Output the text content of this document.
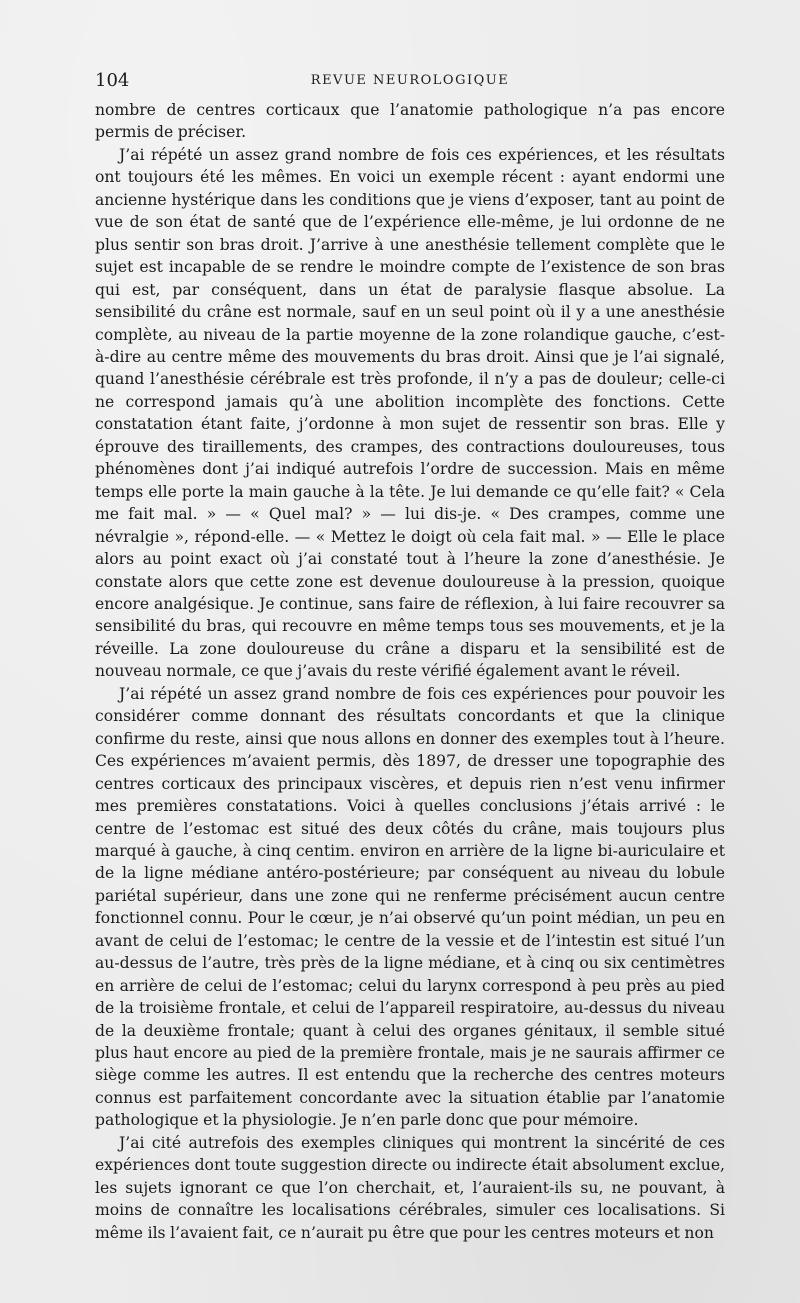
104	REVUE NEUROLOGIQUE

nombre de centres corticaux que l’anatomie pathologique n’a pas encore permis de préciser.

J’ai répété un assez grand nombre de fois ces expériences, et les résultats ont toujours été les mêmes. En voici un exemple récent : ayant endormi une ancienne hystérique dans les conditions que je viens d’exposer, tant au point de vue de son état de santé que de l’expérience elle-même, je lui ordonne de ne plus sentir son bras droit. J’arrive à une anesthésie tellement complète que le sujet est incapable de se rendre le moindre compte de l’existence de son bras qui est, par conséquent, dans un état de paralysie flasque absolue. La sensibilité du crâne est normale, sauf en un seul point où il y a une anesthésie complète, au niveau de la partie moyenne de la zone rolandique gauche, c’est-à-dire au centre même des mouvements du bras droit. Ainsi que je l’ai signalé, quand l’anesthésie cérébrale est très profonde, il n’y a pas de douleur; celle-ci ne correspond jamais qu’à une abolition incomplète des fonctions. Cette constatation étant faite, j’ordonne à mon sujet de ressentir son bras. Elle y éprouve des tiraillements, des crampes, des contractions douloureuses, tous phénomènes dont j’ai indiqué autrefois l’ordre de succession. Mais en même temps elle porte la main gauche à la tête. Je lui demande ce qu’elle fait? « Cela me fait mal. » — « Quel mal? » — lui dis-je. « Des crampes, comme une névralgie », répond-elle. — « Mettez le doigt où cela fait mal. » — Elle le place alors au point exact où j’ai constaté tout à l’heure la zone d’anesthésie. Je constate alors que cette zone est devenue douloureuse à la pression, quoique encore analgésique. Je continue, sans faire de réflexion, à lui faire recouvrer sa sensibilité du bras, qui recouvre en même temps tous ses mouvements, et je la réveille. La zone douloureuse du crâne a disparu et la sensibilité est de nouveau normale, ce que j’avais du reste vérifié également avant le réveil.

J’ai répété un assez grand nombre de fois ces expériences pour pouvoir les considérer comme donnant des résultats concordants et que la clinique confirme du reste, ainsi que nous allons en donner des exemples tout à l’heure. Ces expériences m’avaient permis, dès 1897, de dresser une topographie des centres corticaux des principaux viscères, et depuis rien n’est venu infirmer mes premières constatations. Voici à quelles conclusions j’étais arrivé : le centre de l’estomac est situé des deux côtés du crâne, mais toujours plus marqué à gauche, à cinq centim. environ en arrière de la ligne bi-auriculaire et de la ligne médiane antéro-postérieure; par conséquent au niveau du lobule pariétal supérieur, dans une zone qui ne renferme précisément aucun centre fonctionnel connu. Pour le cœur, je n’ai observé qu’un point médian, un peu en avant de celui de l’estomac; le centre de la vessie et de l’intestin est situé l’un au-dessus de l’autre, très près de la ligne médiane, et à cinq ou six centimètres en arrière de celui de l’estomac; celui du larynx correspond à peu près au pied de la troisième frontale, et celui de l’appareil respiratoire, au-dessus du niveau de la deuxième frontale; quant à celui des organes génitaux, il semble situé plus haut encore au pied de la première frontale, mais je ne saurais affirmer ce siège comme les autres. Il est entendu que la recherche des centres moteurs connus est parfaitement concordante avec la situation établie par l’anatomie pathologique et la physiologie. Je n’en parle donc que pour mémoire.

J’ai cité autrefois des exemples cliniques qui montrent la sincérité de ces expériences dont toute suggestion directe ou indirecte était absolument exclue, les sujets ignorant ce que l’on cherchait, et, l’auraient-ils su, ne pouvant, à moins de connaître les localisations cérébrales, simuler ces localisations. Si même ils l’avaient fait, ce n’aurait pu être que pour les centres moteurs et non
